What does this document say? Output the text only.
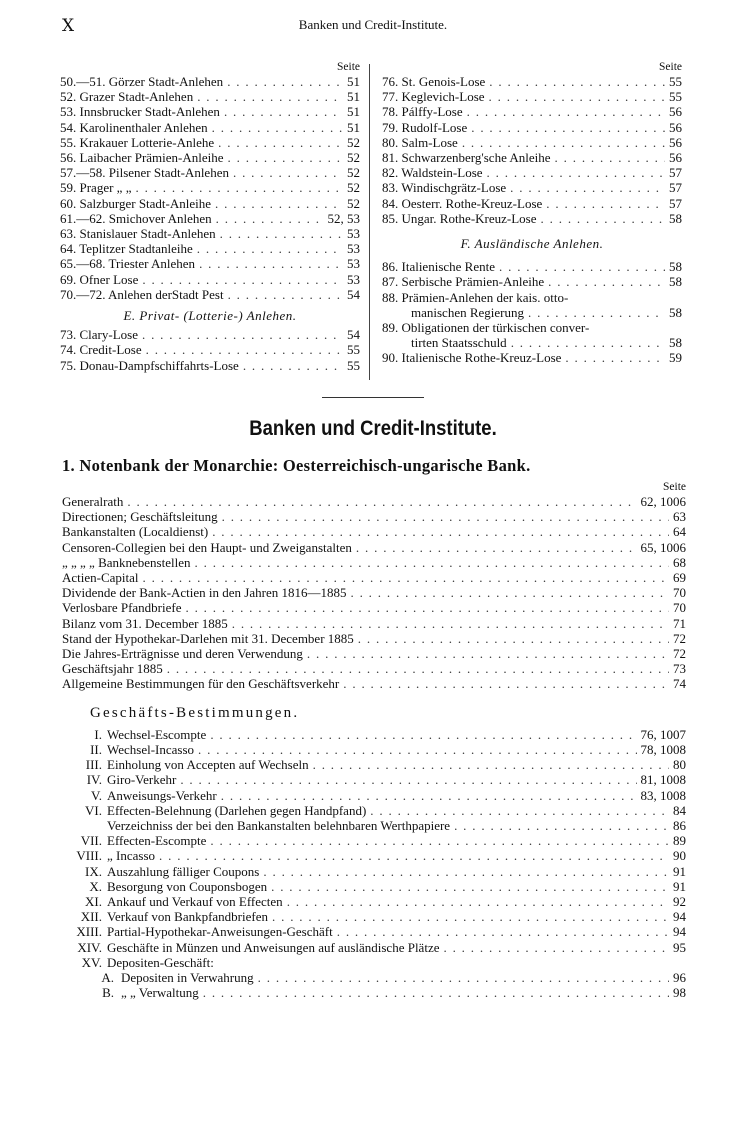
X	Banken und Credit-Institute.
Seite
50.—51. Görzer Stadt-Anlehen . . .	51
52. Grazer Stadt-Anlehen . . .	51
53. Innsbrucker Stadt-Anlehen . . .	51
54. Karolinenthaler Anlehen . . .	51
55. Krakauer Lotterie-Anlehe . . .	52
56. Laibacher Prämien-Anleihe . . .	52
57.—58. Pilsener Stadt-Anlehen . . .	52
59. Prager „ „ . . .	52
60. Salzburger Stadt-Anleihe . . .	52
61.—62. Smichover Anlehen . . .	52, 53
63. Stanislauer Stadt-Anlehen . . .	53
64. Teplitzer Stadtanleihe . . .	53
65.—68. Triester Anlehen . . .	53
69. Ofner Lose . . .	53
70.—72. Anlehen derStadt Pest . . .	54
E. Privat- (Lotterie-) Anlehen.
73. Clary-Lose . . .	54
74. Credit-Lose . . .	55
75. Donau-Dampfschiffahrts-Lose . . .	55
Seite
76. St. Genois-Lose . . .	55
77. Keglevich-Lose . . .	55
78. Pálffy-Lose . . .	56
79. Rudolf-Lose . . .	56
80. Salm-Lose . . .	56
81. Schwarzenberg'sche Anleihe . . .	56
82. Waldstein-Lose . . .	57
83. Windischgrätz-Lose . . .	57
84. Oesterr. Rothe-Kreuz-Lose . . .	57
85. Ungar. Rothe-Kreuz-Lose . . .	58
F. Ausländische Anlehen.
86. Italienische Rente . . .	58
87. Serbische Prämien-Anleihe . . .	58
88. Prämien-Anlehen der kais. otto-
manischen Regierung . . .	58
89. Obligationen der türkischen conver-
tirten Staatsschuld . . .	58
90. Italienische Rothe-Kreuz-Lose . . .	59
Banken und Credit-Institute.
1. Notenbank der Monarchie: Oesterreichisch-ungarische Bank.
Seite
Generalrath . . .	62, 1006
Directionen; Geschäftsleitung . . .	63
Bankanstalten (Localdienst) . . .	64
Censoren-Collegien bei den Haupt- und Zweiganstalten . . .	65, 1006
„ „ „ „ Banknebenstellen . . .	68
Actien-Capital . . .	69
Dividende der Bank-Actien in den Jahren 1816—1885 . . .	70
Verlosbare Pfandbriefe . . .	70
Bilanz vom 31. December 1885 . . .	71
Stand der Hypothekar-Darlehen mit 31. December 1885 . . .	72
Die Jahres-Erträgnisse und deren Verwendung . . .	72
Geschäftsjahr 1885 . . .	73
Allgemeine Bestimmungen für den Geschäftsverkehr . . .	74
Geschäfts-Bestimmungen.
I. Wechsel-Escompte . . .	76, 1007
II. Wechsel-Incasso . . .	78, 1008
III. Einholung von Accepten auf Wechseln . . .	80
IV. Giro-Verkehr . . .	81, 1008
V. Anweisungs-Verkehr . . .	83, 1008
VI. Effecten-Belehnung (Darlehen gegen Handpfand) . . .	84
Verzeichniss der bei den Bankanstalten belehnbaren Werthpapiere . . .	86
VII. Effecten-Escompte . . .	89
VIII. „ Incasso . . .	90
IX. Auszahlung fälliger Coupons . . .	91
X. Besorgung von Couponsbogen . . .	91
XI. Ankauf und Verkauf von Effecten . . .	92
XII. Verkauf von Bankpfandbriefen . . .	94
XIII. Partial-Hypothekar-Anweisungen-Geschäft . . .	94
XIV. Geschäfte in Münzen und Anweisungen auf ausländische Plätze . . .	95
XV. Depositen-Geschäft:
A. Depositen in Verwahrung . . .	96
B. „ „ Verwaltung . . .	98
